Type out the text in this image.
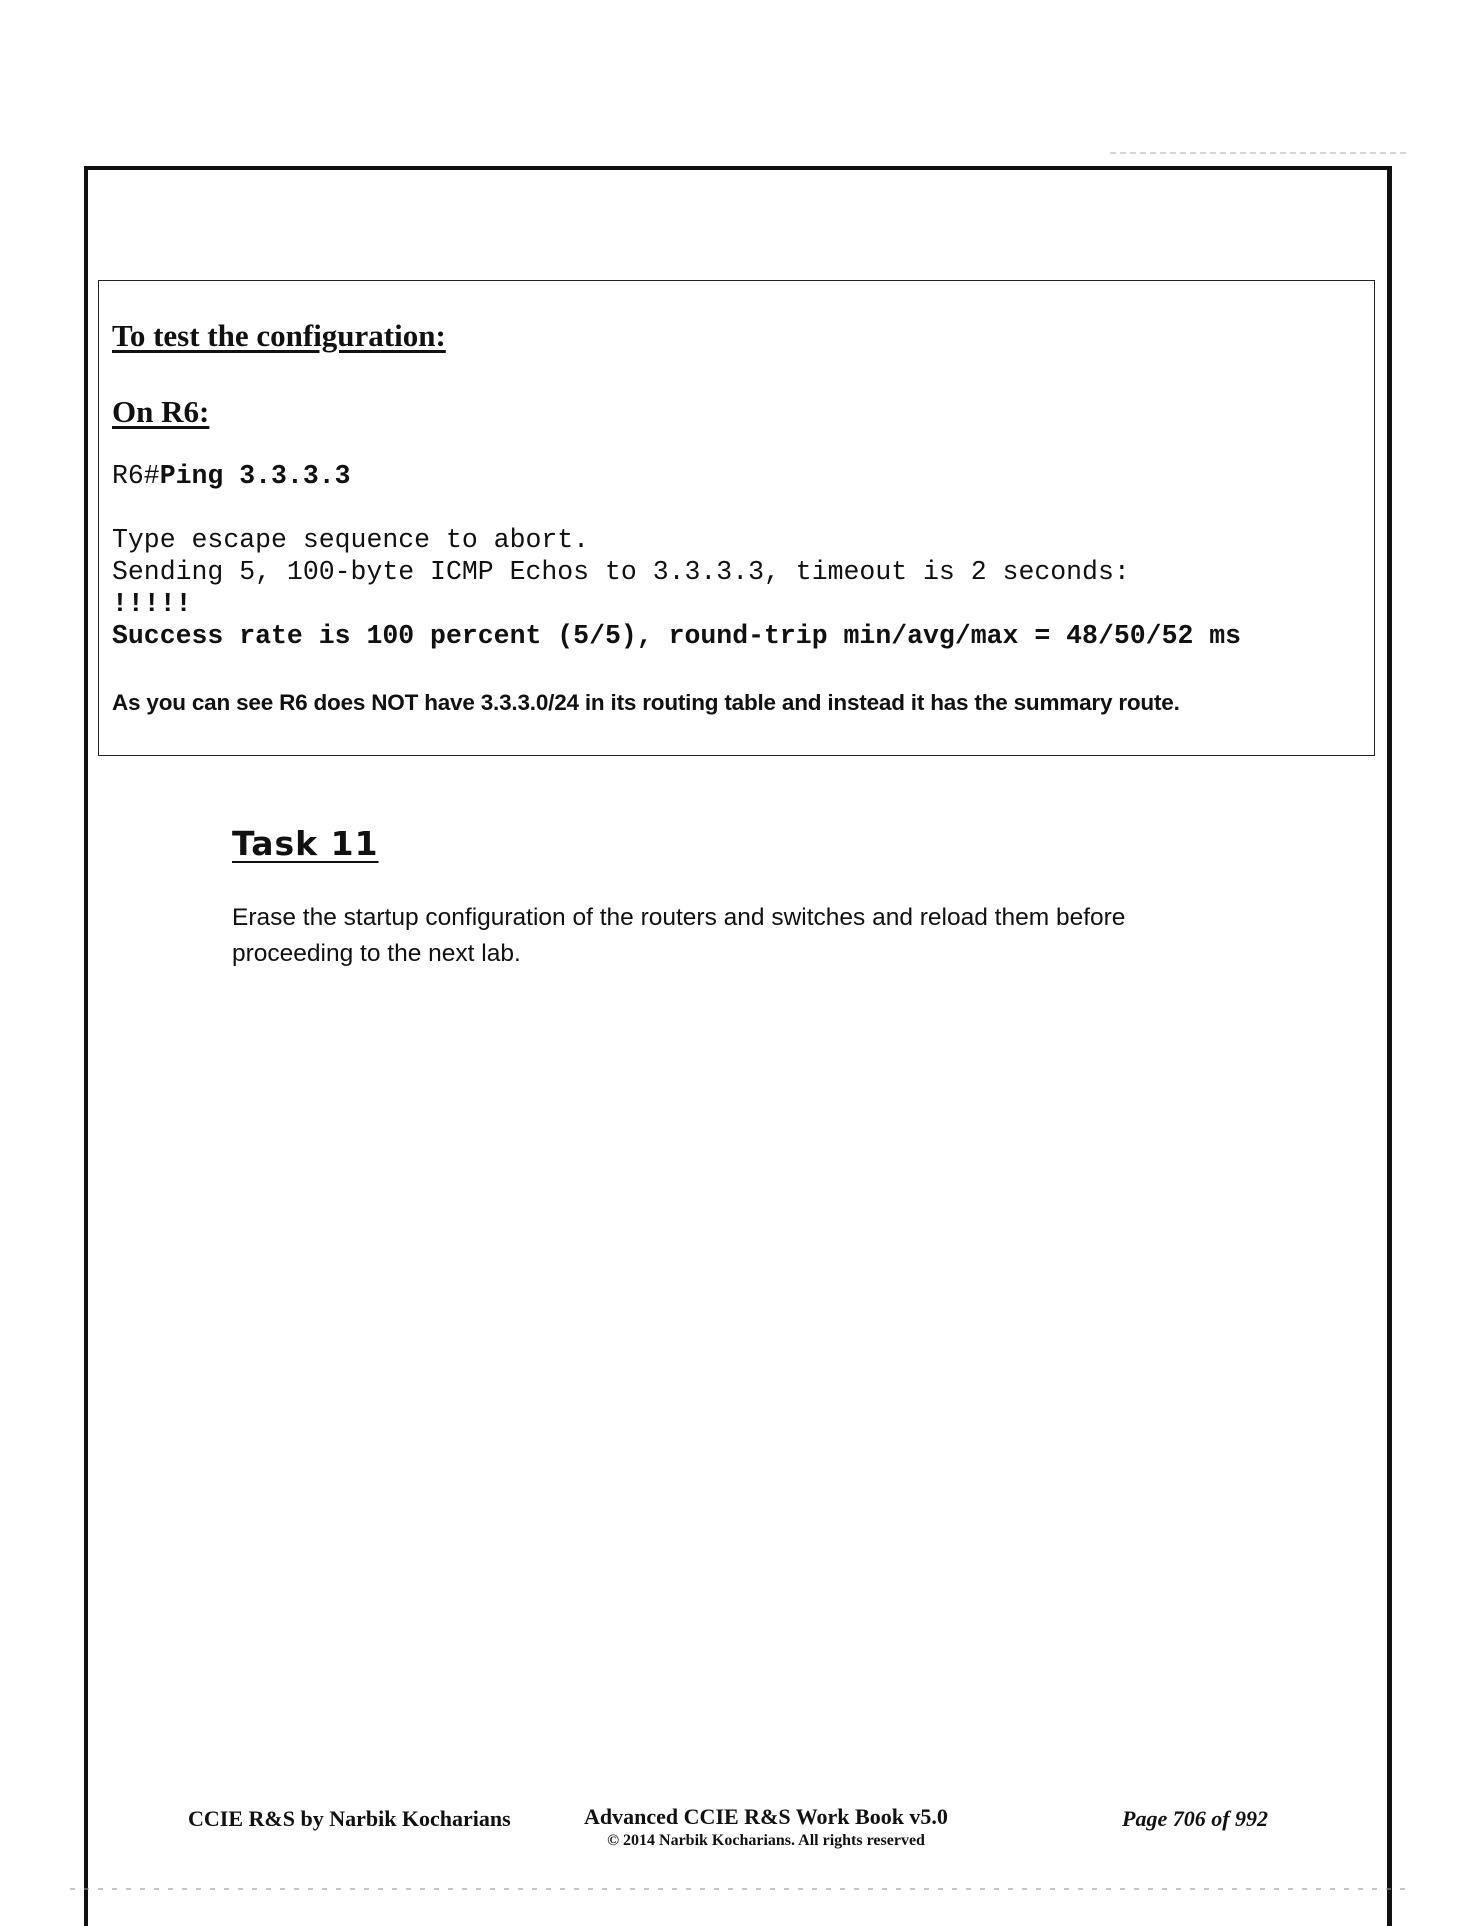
To test the configuration:
On R6:
R6#Ping 3.3.3.3
Type escape sequence to abort.
Sending 5, 100-byte ICMP Echos to 3.3.3.3, timeout is 2 seconds:
!!!!!
Success rate is 100 percent (5/5), round-trip min/avg/max = 48/50/52 ms
As you can see R6 does NOT have 3.3.3.0/24 in its routing table and instead it has the summary route.
Task 11

Erase the startup configuration of the routers and switches and reload them before

proceeding to the next lab.

CCIE R&S by Narbik Kocharians	Advanced CCIE R&S Work Book v5.0
© 2014 Narbik Kocharians. All rights reserved
Page 706 of 992
